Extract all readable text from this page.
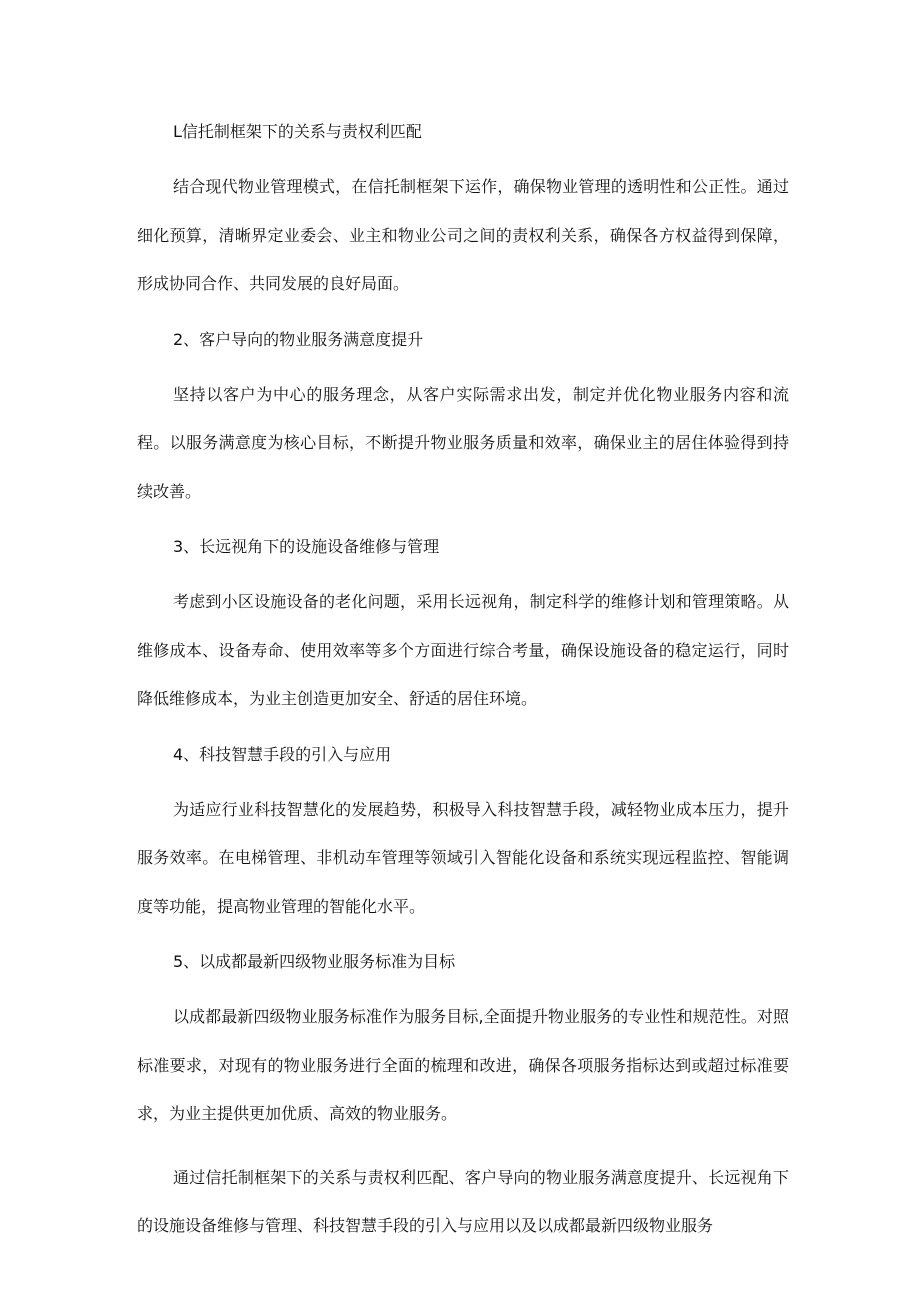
L信托制框架下的关系与责权利匹配

结合现代物业管理模式，在信托制框架下运作，确保物业管理的透明性和公正性。通过细化预算，清晰界定业委会、业主和物业公司之间的责权利关系，确保各方权益得到保障，形成协同合作、共同发展的良好局面。

2、客户导向的物业服务满意度提升

坚持以客户为中心的服务理念，从客户实际需求出发，制定并优化物业服务内容和流程。以服务满意度为核心目标，不断提升物业服务质量和效率，确保业主的居住体验得到持续改善。

3、长远视角下的设施设备维修与管理

考虑到小区设施设备的老化问题，采用长远视角，制定科学的维修计划和管理策略。从维修成本、设备寿命、使用效率等多个方面进行综合考量，确保设施设备的稳定运行，同时降低维修成本，为业主创造更加安全、舒适的居住环境。

4、科技智慧手段的引入与应用

为适应行业科技智慧化的发展趋势，积极导入科技智慧手段，减轻物业成本压力，提升服务效率。在电梯管理、非机动车管理等领域引入智能化设备和系统实现远程监控、智能调度等功能，提高物业管理的智能化水平。

5、以成都最新四级物业服务标准为目标

以成都最新四级物业服务标准作为服务目标,全面提升物业服务的专业性和规范性。对照标准要求，对现有的物业服务进行全面的梳理和改进，确保各项服务指标达到或超过标准要求，为业主提供更加优质、高效的物业服务。

通过信托制框架下的关系与责权利匹配、客户导向的物业服务满意度提升、长远视角下的设施设备维修与管理、科技智慧手段的引入与应用以及以成都最新四级物业服务
